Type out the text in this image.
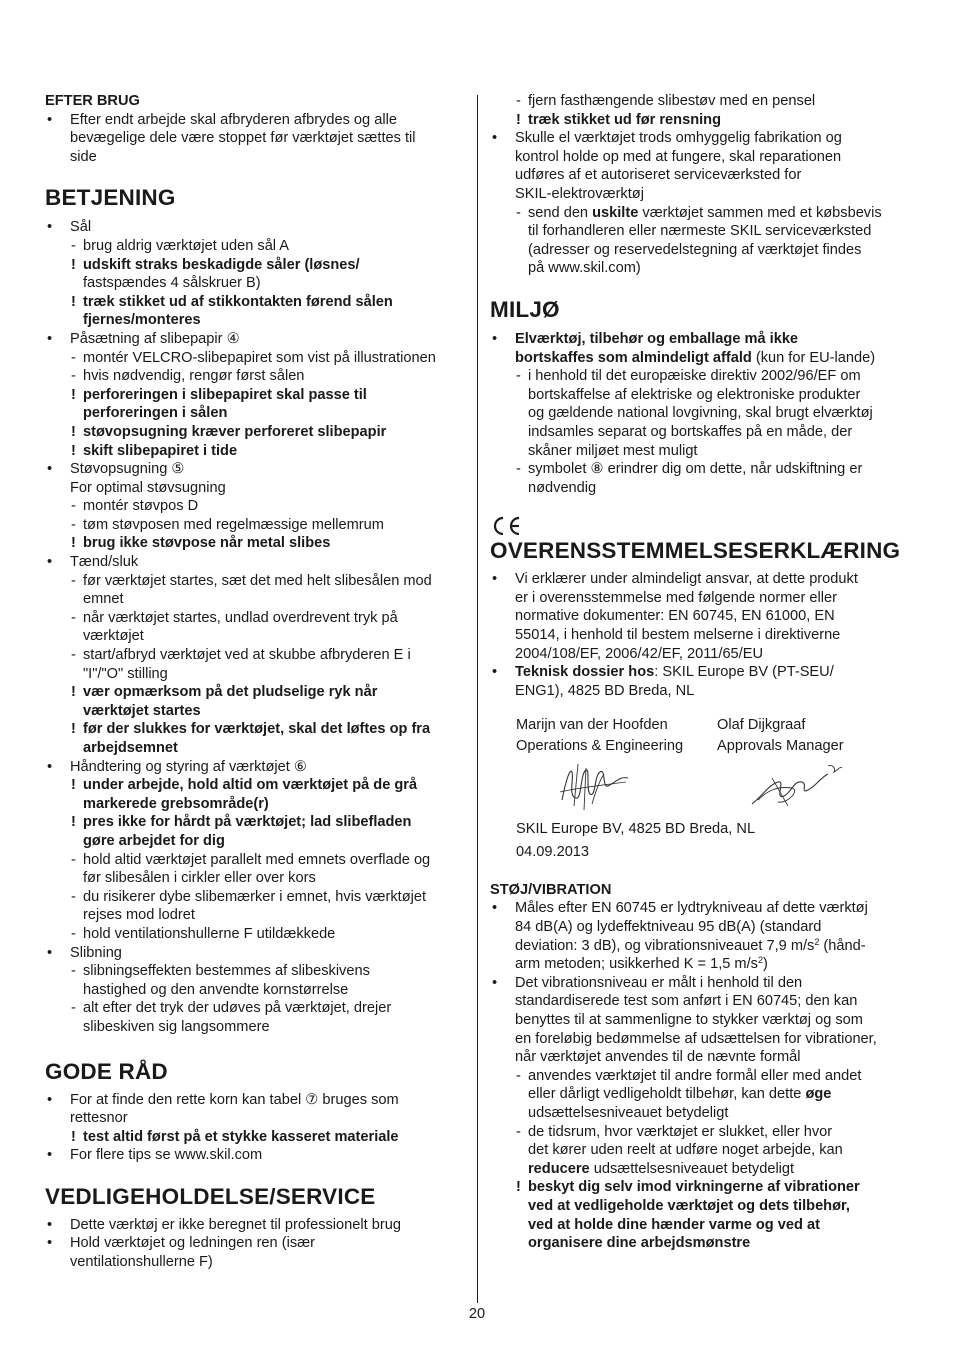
EFTER BRUG
• Efter endt arbejde skal afbryderen afbrydes og alle
bevægelige dele være stoppet før værktøjet sættes til
side
BETJENING
• Sål
- brug aldrig værktøjet uden sål A
! udskift straks beskadigde såler (løsnes/
fastspændes 4 sålskruer B)
! træk stikket ud af stikkontakten førend sålen
fjernes/monteres
• Påsætning af slibepapir ④
- montér VELCRO-slibepapiret som vist på illustrationen
- hvis nødvendig, rengør først sålen
! perforeringen i slibepapiret skal passe til
perforeringen i sålen
! støvopsugning kræver perforeret slibepapir
! skift slibepapiret i tide
• Støvopsugning ⑤
For optimal støvsugning
- montér støvpos D
- tøm støvposen med regelmæssige mellemrum
! brug ikke støvpose når metal slibes
• Tænd/sluk
- før værktøjet startes, sæt det med helt slibesålen mod
emnet
- når værktøjet startes, undlad overdrevent tryk på
værktøjet
- start/afbryd værktøjet ved at skubbe afbryderen E i
"I"/"O" stilling
! vær opmærksom på det pludselige ryk når
værktøjet startes
! før der slukkes for værktøjet, skal det løftes op fra
arbejdsemnet
• Håndtering og styring af værktøjet ⑥
! under arbejde, hold altid om værktøjet på de grå
markerede grebsområde(r)
! pres ikke for hårdt på værktøjet; lad slibefladen
gøre arbejdet for dig
- hold altid værktøjet parallelt med emnets overflade og
før slibesålen i cirkler eller over kors
- du risikerer dybe slibemærker i emnet, hvis værktøjet
rejses mod lodret
- hold ventilationshullerne F utildækkede
• Slibning
- slibningseffekten bestemmes af slibeskivens
hastighed og den anvendte kornstørrelse
- alt efter det tryk der udøves på værktøjet, drejer
slibeskiven sig langsommere
GODE RÅD
• For at finde den rette korn kan tabel ⑦ bruges som
rettesnor
! test altid først på et stykke kasseret materiale
• For flere tips se www.skil.com
VEDLIGEHOLDELSE/SERVICE
• Dette værktøj er ikke beregnet til professionelt brug
• Hold værktøjet og ledningen ren (især
ventilationshullerne F)
- fjern fasthængende slibestøv med en pensel
! træk stikket ud før rensning
• Skulle el værktøjet trods omhyggelig fabrikation og
kontrol holde op med at fungere, skal reparationen
udføres af et autoriseret serviceværksted for
SKIL-elektroværktøj
- send den uskilte værktøjet sammen med et købsbevis
til forhandleren eller nærmeste SKIL serviceværksted
(adresser og reservedelstegning af værktøjet findes
på www.skil.com)
MILJØ
• Elværktøj, tilbehør og emballage må ikke
bortskaffes som almindeligt affald (kun for EU-lande)
- i henhold til det europæiske direktiv 2002/96/EF om
bortskaffelse af elektriske og elektroniske produkter
og gældende national lovgivning, skal brugt elværktøj
indsamles separat og bortskaffes på en måde, der
skåner miljøet mest muligt
- symbolet ⑧ erindrer dig om dette, når udskiftning er
nødvendig
OVERENSSTEMMELSESERKLÆRING
• Vi erklærer under almindeligt ansvar, at dette produkt
er i overensstemmelse med følgende normer eller
normative dokumenter: EN 60745, EN 61000, EN
55014, i henhold til bestem melserne i direktiverne
2004/108/EF, 2006/42/EF, 2011/65/EU
• Teknisk dossier hos: SKIL Europe BV (PT-SEU/
ENG1), 4825 BD Breda, NL
Marijn van der Hoofden
Operations & Engineering
Olaf Dijkgraaf
Approvals Manager
SKIL Europe BV, 4825 BD Breda, NL
04.09.2013
STØJ/VIBRATION
• Måles efter EN 60745 er lydtrykniveau af dette værktøj
84 dB(A) og lydeffektniveau 95 dB(A) (standard
deviation: 3 dB), og vibrationsniveauet 7,9 $m/s^2$ (hånd-
arm metoden; usikkerhed K = 1,5 $m/s^2$)
• Det vibrationsniveau er målt i henhold til den
standardiserede test som anført i EN 60745; den kan
benyttes til at sammenligne to stykker værktøj og som
en foreløbig bedømmelse af udsættelsen for vibrationer,
når værktøjet anvendes til de nævnte formål
- anvendes værktøjet til andre formål eller med andet
eller dårligt vedligeholdt tilbehør, kan dette øge
udsættelsesniveauet betydeligt
- de tidsrum, hvor værktøjet er slukket, eller hvor
det kører uden reelt at udføre noget arbejde, kan
reducere udsættelsesniveauet betydeligt
! beskyt dig selv imod virkningerne af vibrationer
ved at vedligeholde værktøjet og dets tilbehør,
ved at holde dine hænder varme og ved at
organisere dine arbejdsmønstre
20
